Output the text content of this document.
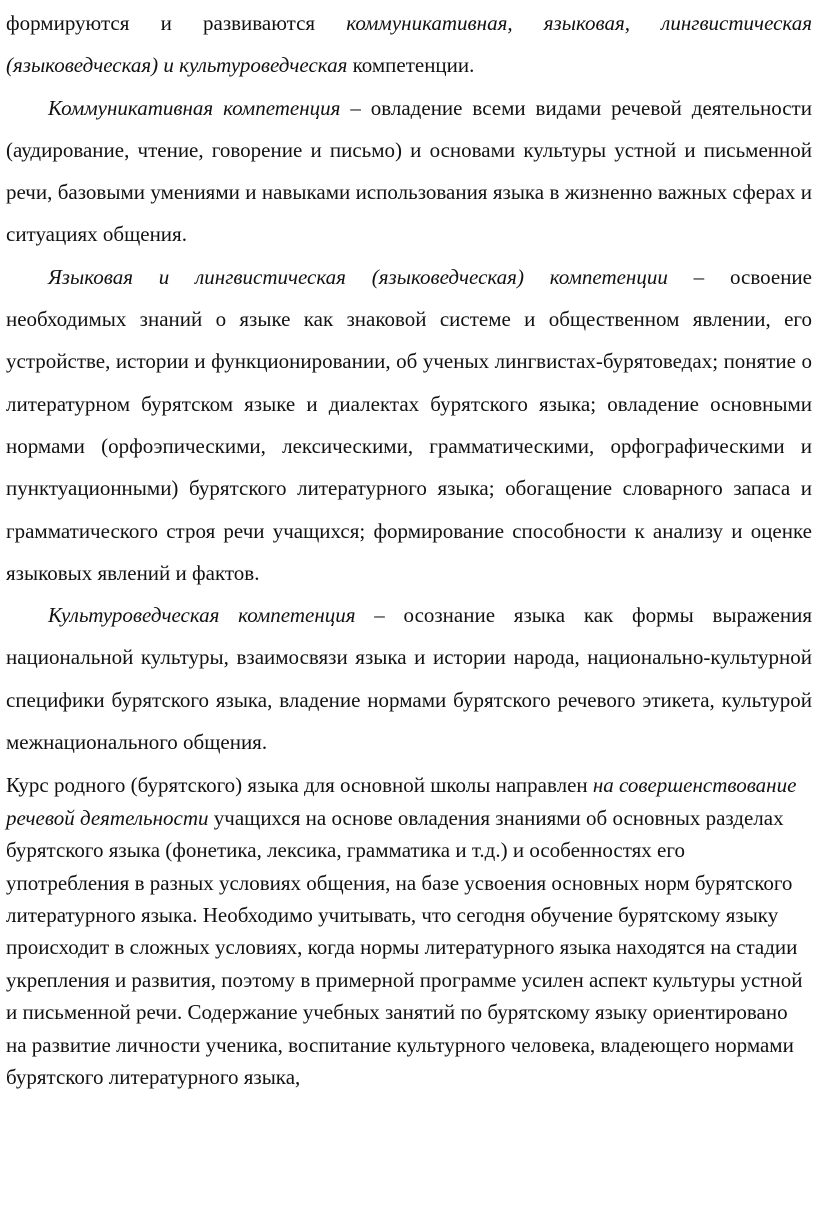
формируются и развиваются коммуникативная, языковая, лингвистическая (языковедческая) и культуроведческая компетенции.

Коммуникативная компетенция – овладение всеми видами речевой деятельности (аудирование, чтение, говорение и письмо) и основами культуры устной и письменной речи, базовыми умениями и навыками использования языка в жизненно важных сферах и ситуациях общения.

Языковая и лингвистическая (языковедческая) компетенции – освоение необходимых знаний о языке как знаковой системе и общественном явлении, его устройстве, истории и функционировании, об ученых лингвистах-бурятоведах; понятие о литературном бурятском языке и диалектах бурятского языка; овладение основными нормами (орфоэпическими, лексическими, грамматическими, орфографическими и пунктуационными) бурятского литературного языка; обогащение словарного запаса и грамматического строя речи учащихся; формирование способности к анализу и оценке языковых явлений и фактов.

Культуроведческая компетенция – осознание языка как формы выражения национальной культуры, взаимосвязи языка и истории народа, национально-культурной специфики бурятского языка, владение нормами бурятского речевого этикета, культурой межнационального общения.

Курс родного (бурятского) языка для основной школы направлен на совершенствование речевой деятельности учащихся на основе овладения знаниями об основных разделах бурятского языка (фонетика, лексика, грамматика и т.д.) и особенностях его употребления в разных условиях общения, на базе усвоения основных норм бурятского литературного языка. Необходимо учитывать, что сегодня обучение бурятскому языку происходит в сложных условиях, когда нормы литературного языка находятся на стадии укрепления и развития, поэтому в примерной программе усилен аспект культуры устной и письменной речи. Содержание учебных занятий по бурятскому языку ориентировано на развитие личности ученика, воспитание культурного человека, владеющего нормами бурятского литературного языка,
